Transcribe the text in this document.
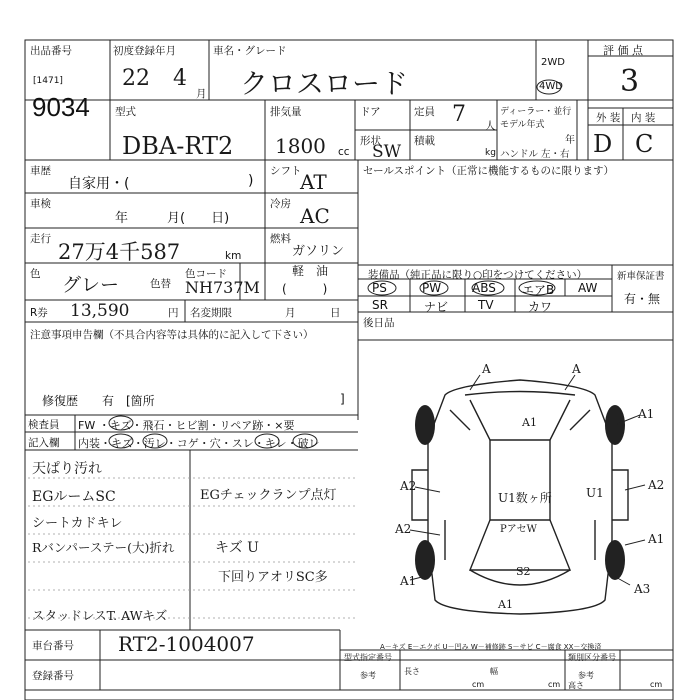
出品番号
[1471]
9034
初度登録年月
22 4
月
車名・グレード
クロスロード
2WD
4WD
評 価 点
3
型式
DBA-RT2
排気量
1800 cc
ドア	定員 7 人
形状
SW
積載
kg
ディーラー・並行
モデル年式
年
ハンドル 左・右
外 装 内 装
D C
車歴
自家用・(	)
シフト
AT
車検
年　　　月(　　日)
冷房 AC
走行
27万4千587	km
燃料
ガソリン
軽　油
(　　　)
色 グレー	色替
色コード
NH737M
R券 13,590	円 名変期限	月	日
注意事項申告欄（不具合内容等は具体的に記入して下さい）
修復歴　　有　[箇所	]
セールスポイント（正常に機能するものに限ります）
装備品（純正品に限り○印をつけてください）
PS	PW	ABS エアB AW
SR	ナビ TV	カワ
新車保証書
有・無
後日品
検査員 FW ・キズ・飛石・ヒビ割・リペア跡・×要
記入欄 内装・キズ・汚レ・コゲ・穴・スレ・キレ・破レ
天ぱり汚れ
EGルームSC
シートカドキレ
Rバンパーステー(大)折れ
スタッドレスT. AWキズ
EGチェックランプ点灯
キズ U
下回りアオリSC多
A	A
A1
A1
A2
A2
A2
A1
A1
A3
U1数ヶ所	U1
PアセW
S2
A1
A－キズ E－エクボ U－凹み W－補修跡 S－サビ C－腐食 XX－交換済
車台番号 RT2-1004007
登録番号
型式指定番号
参考	長さ
cm
幅
cm
類別区分番号
参考
高さ	cm
